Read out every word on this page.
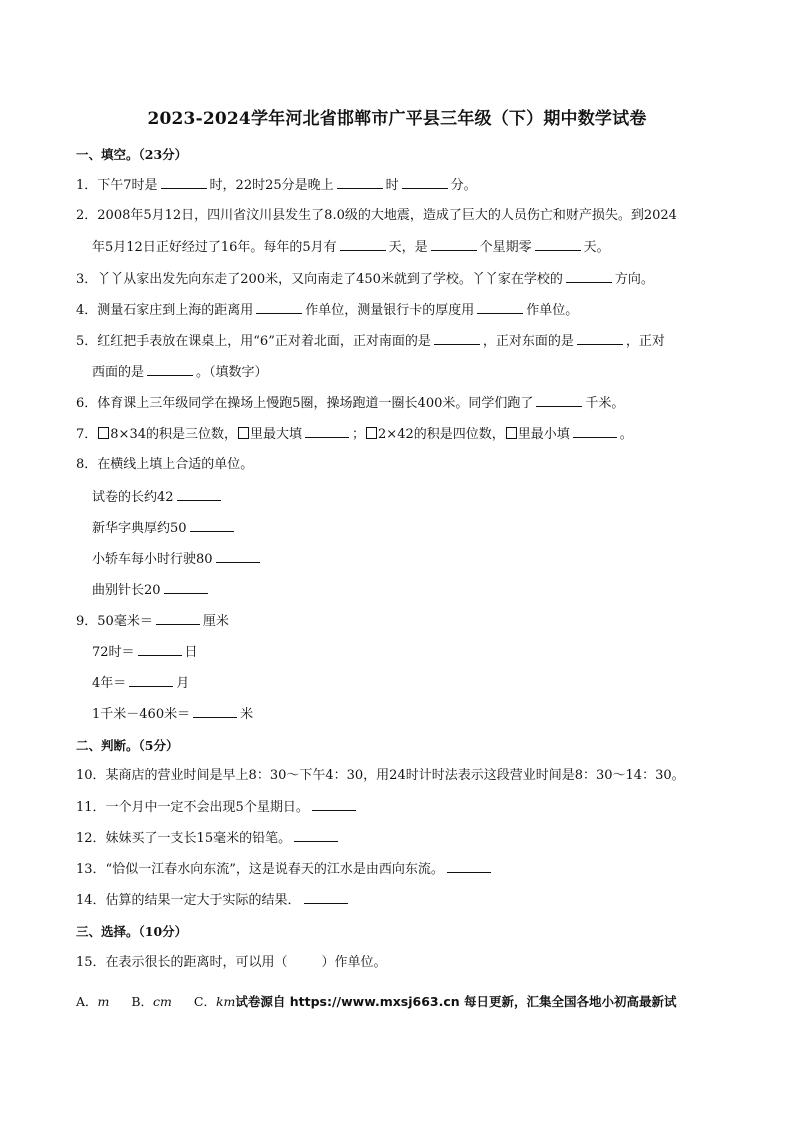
2023-2024学年河北省邯郸市广平县三年级（下）期中数学试卷
一、填空。（23分）
1．下午7时是	时，22时25分是晚上	时	分。
2．2008年5月12日，四川省汶川县发生了8.0级的大地震，造成了巨大的人员伤亡和财产损失。到2024
年5月12日正好经过了16年。每年的5月有	天，是	个星期零	天。
3．丫丫从家出发先向东走了200米，又向南走了450米就到了学校。丫丫家在学校的	方向。
4．测量石家庄到上海的距离用	作单位，测量银行卡的厚度用	作单位。
5．红红把手表放在课桌上，用“6”正对着北面，正对南面的是	，正对东面的是	，正对
西面的是	。（填数字）
6．体育课上三年级同学在操场上慢跑5圈，操场跑道一圈长400米。同学们跑了	千米。
7． 8×34的积是三位数， 里最大填	； 2×42的积是四位数， 里最小填	。
8．在横线上填上合适的单位。
试卷的长约42
新华字典厚约50
小轿车每小时行驶80
曲别针长20
9．50毫米＝	厘米
72时＝	日
4年＝	月
1千米－460米＝	米
二、判断。（5分）
10．某商店的营业时间是早上8：30～下午4：30，用24时计时法表示这段营业时间是8：30～14：30。
11．一个月中一定不会出现5个星期日。
12．妹妹买了一支长15毫米的铅笔。
13．“恰似一江春水向东流”，这是说春天的江水是由西向东流。
14．估算的结果一定大于实际的结果．
三、选择。（10分）
15．在表示很长的距离时，可以用（	）作单位。
A．m B．cm C．km试卷源自 https://www.mxsj663.cn 每日更新，汇集全国各地小初高最新试
